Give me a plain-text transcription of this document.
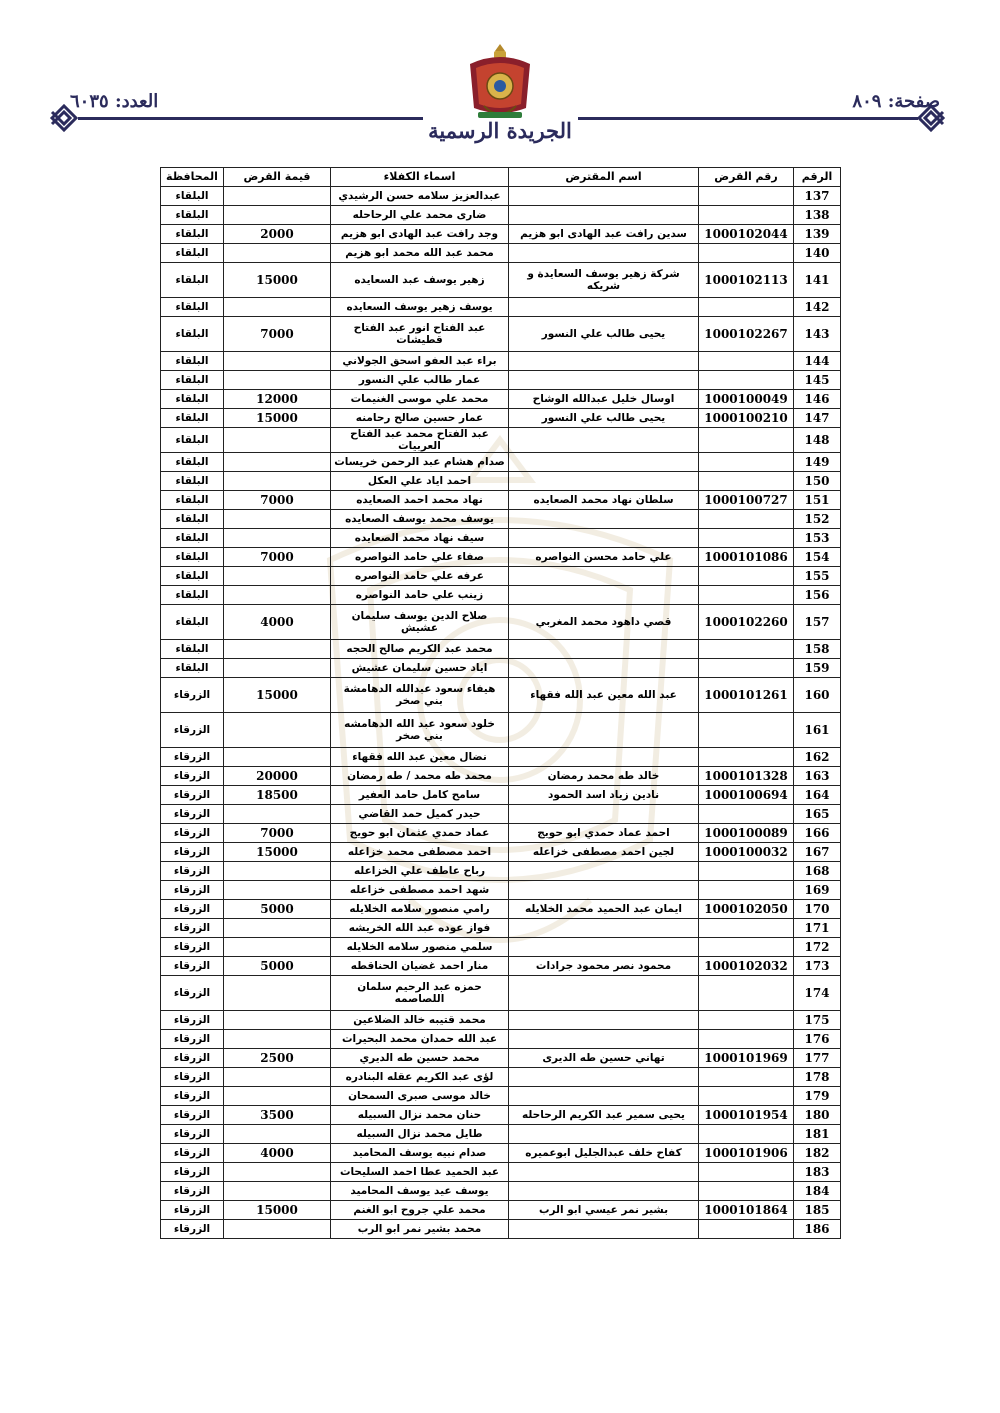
العدد: ٦٠٣٥	صفحة: ٨٠٩
الجريدة الرسمية
الرقم	رقم القرض	اسم المقترض	اسماء الكفلاء	قيمة القرض	المحافظة
137			عبدالعزيز سلامه حسن الرشيدي		البلقاء
138			ضارى محمد علي الرحاحله		البلقاء
139	1000102044	سدين رافت عبد الهادى ابو هزيم	وجد رافت عبد الهادى ابو هزيم	2000	البلقاء
140			محمد عبد الله محمد ابو هزيم		البلقاء
141	1000102113	شركة زهير يوسف السعايدة و شريكه	زهير يوسف عبد السعايده	15000	البلقاء
142			يوسف زهير يوسف السعايده		البلقاء
143	1000102267	يحيى طالب علي النسور	عبد الفتاح انور عبد الفتاح قطيشات	7000	البلقاء
144			براء عبد العفو اسحق الجولاني		البلقاء
145			عمار طالب علي النسور		البلقاء
146	1000100049	اوسال خليل عبدالله الوشاح	محمد علي موسى الغنيمات	12000	البلقاء
147	1000100210	يحيى طالب علي النسور	عمار حسين صالح رحامنه	15000	البلقاء
148			عبد الفتاح محمد عبد الفتاح العربيات		البلقاء
149			صدام هشام عبد الرحمن خريسات		البلقاء
150			احمد اياد علي العكل		البلقاء
151	1000100727	سلطان نهاد محمد الصعايده	نهاد محمد احمد الصعايده	7000	البلقاء
152			يوسف محمد يوسف الصعايده		البلقاء
153			سيف نهاد محمد الصعايده		البلقاء
154	1000101086	علي حامد محسن النواصره	صفاء علي حامد النواصره	7000	البلقاء
155			عرفه علي حامد النواصره		البلقاء
156			زينب علي حامد النواصره		البلقاء
157	1000102260	قصي داهود محمد المغربي	صلاح الدين يوسف سليمان عشيش	4000	البلقاء
158			محمد عبد الكريم صالح الحجه		البلقاء
159			اياد حسين سليمان عشيش		البلقاء
160	1000101261	عبد الله معين عبد الله فقهاء	هيفاء سعود عبدالله الدهامشة بني صخر	15000	الزرقاء
161			خلود سعود عبد الله الدهامشه بني صخر		الزرقاء
162			نضال معين عبد الله فقهاء		الزرقاء
163	1000101328	خالد طه محمد رمضان	محمد طه محمد / طه رمضان	20000	الزرقاء
164	1000100694	نادين زياد اسد الحمود	سامح كامل حامد العفير	18500	الزرقاء
165			حيدر كميل حمد القاضي		الزرقاء
166	1000100089	احمد عماد حمدي ابو حويج	عماد حمدي عثمان ابو حويج	7000	الزرقاء
167	1000100032	لجين احمد مصطفى خزاعله	احمد مصطفى محمد خزاعله	15000	الزرقاء
168			رباح عاطف علي الخزاعله		الزرقاء
169			شهد احمد مصطفى خزاعله		الزرقاء
170	1000102050	ايمان عبد الحميد محمد الخلايله	رامي منصور سلامه الخلايله	5000	الزرقاء
171			فواز عوده عبد الله الخريشه		الزرقاء
172			سلمي منصور سلامه الخلايله		الزرقاء
173	1000102032	محمود نصر محمود جرادات	منار احمد غضيان الحناقطه	5000	الزرقاء
174			حمزه عبد الرحيم سلمان اللصاصمه		الزرقاء
175			محمد قتيبه خالد الضلاعين		الزرقاء
176			عبد الله حمدان محمد البحيرات		الزرقاء
177	1000101969	تهاني حسين طه الديرى	محمد حسين طه الديري	2500	الزرقاء
178			لؤى عبد الكريم عقله البنادره		الزرقاء
179			خالد موسى صبرى السمحان		الزرقاء
180	1000101954	يحيى سمير عبد الكريم الرحاحله	حنان محمد نزال السبيله	3500	الزرقاء
181			طايل محمد نزال السبيله		الزرقاء
182	1000101906	كفاح خلف عبدالجليل ابوعميره	صدام نبيه يوسف المحاميد	4000	الزرقاء
183			عبد الحميد عطا احمد السليحات		الزرقاء
184			يوسف عيد يوسف المحاميد		الزرقاء
185	1000101864	بشير نمر عيسي ابو الرب	محمد علي جروح ابو الغنم	15000	الزرقاء
186			محمد بشير نمر ابو الرب		الزرقاء
